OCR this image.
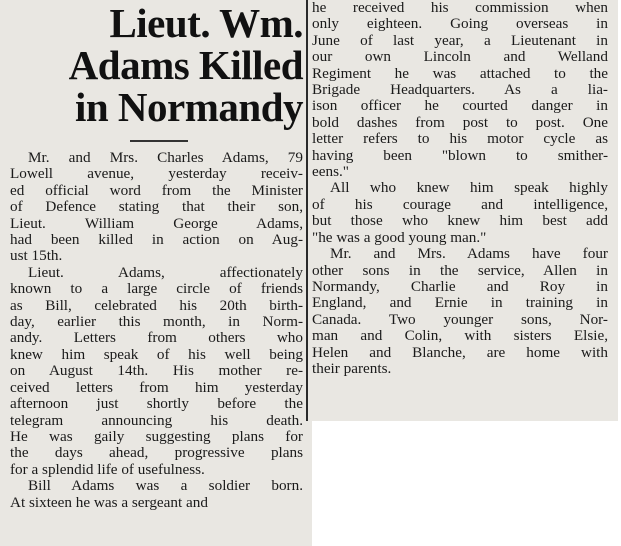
Lieut. Wm.
Adams Killed
in Normandy

Mr. and Mrs. Charles Adams, 79
Lowell avenue, yesterday receiv-
ed official word from the Minister
of Defence stating that their son,
Lieut. William George Adams,
had been killed in action on Aug-
ust 15th.

Lieut. Adams, affectionately
known to a large circle of friends
as Bill, celebrated his 20th birth-
day, earlier this month, in Norm-
andy. Letters from others who
knew him speak of his well being
on August 14th. His mother re-
ceived letters from him yesterday
afternoon just shortly before the
telegram announcing his death.
He was gaily suggesting plans for
the days ahead, progressive plans
for a splendid life of usefulness.

Bill Adams was a soldier born.
At sixteen he was a sergeant and

he received his commission when
only eighteen. Going overseas in
June of last year, a Lieutenant in
our own Lincoln and Welland
Regiment he was attached to the
Brigade Headquarters. As a lia-
ison officer he courted danger in
bold dashes from post to post. One
letter refers to his motor cycle as
having been "blown to smither-
eens."

All who knew him speak highly
of his courage and intelligence,
but those who knew him best add
"he was a good young man."

Mr. and Mrs. Adams have four
other sons in the service, Allen in
Normandy, Charlie and Roy in
England, and Ernie in training in
Canada. Two younger sons, Nor-
man and Colin, with sisters Elsie,
Helen and Blanche, are home with
their parents.
